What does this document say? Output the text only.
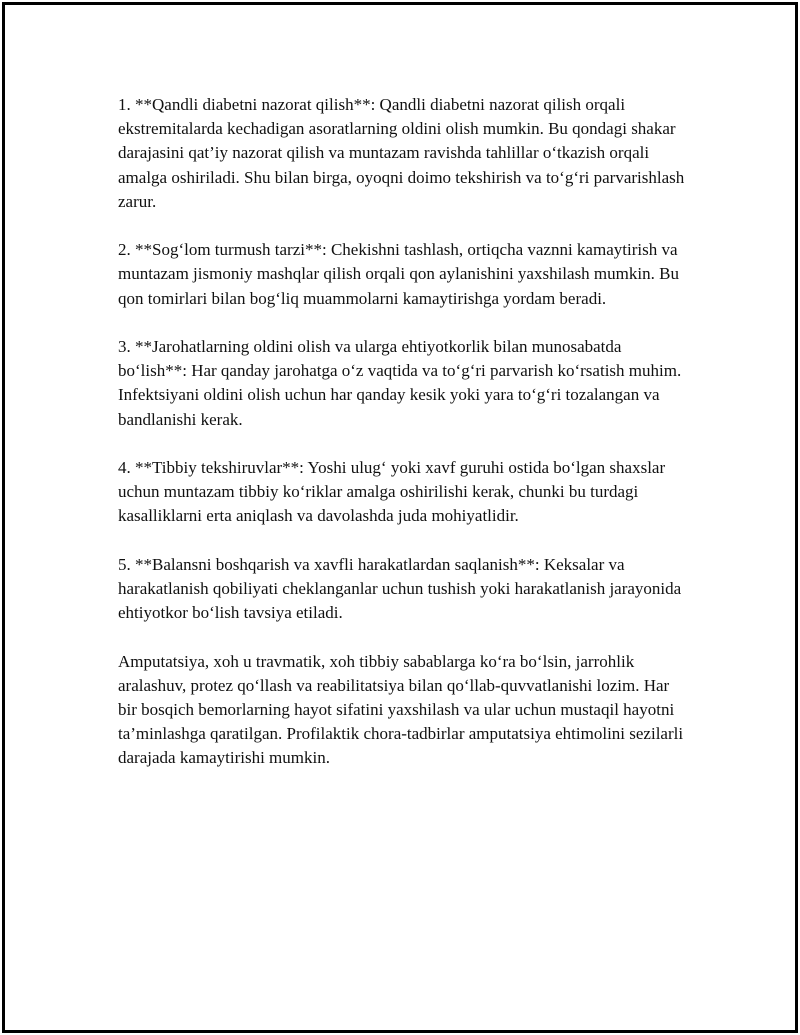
1. **Qandli diabetni nazorat qilish**: Qandli diabetni nazorat qilish orqali ekstremitalarda kechadigan asoratlarning oldini olish mumkin. Bu qondagi shakar darajasini qat’iy nazorat qilish va muntazam ravishda tahlillar o‘tkazish orqali amalga oshiriladi. Shu bilan birga, oyoqni doimo tekshirish va to‘g‘ri parvarishlash zarur.

2. **Sog‘lom turmush tarzi**: Chekishni tashlash, ortiqcha vaznni kamaytirish va muntazam jismoniy mashqlar qilish orqali qon aylanishini yaxshilash mumkin. Bu qon tomirlari bilan bog‘liq muammolarni kamaytirishga yordam beradi.

3. **Jarohatlarning oldini olish va ularga ehtiyotkorlik bilan munosabatda bo‘lish**: Har qanday jarohatga o‘z vaqtida va to‘g‘ri parvarish ko‘rsatish muhim. Infektsiyani oldini olish uchun har qanday kesik yoki yara to‘g‘ri tozalangan va bandlanishi kerak.

4. **Tibbiy tekshiruvlar**: Yoshi ulug‘ yoki xavf guruhi ostida bo‘lgan shaxslar uchun muntazam tibbiy ko‘riklar amalga oshirilishi kerak, chunki bu turdagi kasalliklarni erta aniqlash va davolashda juda mohiyatlidir.

5. **Balansni boshqarish va xavfli harakatlardan saqlanish**: Keksalar va harakatlanish qobiliyati cheklanganlar uchun tushish yoki harakatlanish jarayonida ehtiyotkor bo‘lish tavsiya etiladi.

Amputatsiya, xoh u travmatik, xoh tibbiy sabablarga ko‘ra bo‘lsin, jarrohlik aralashuv, protez qo‘llash va reabilitatsiya bilan qo‘llab-quvvatlanishi lozim. Har bir bosqich bemorlarning hayot sifatini yaxshilash va ular uchun mustaqil hayotni ta’minlashga qaratilgan. Profilaktik chora-tadbirlar amputatsiya ehtimolini sezilarli darajada kamaytirishi mumkin.
